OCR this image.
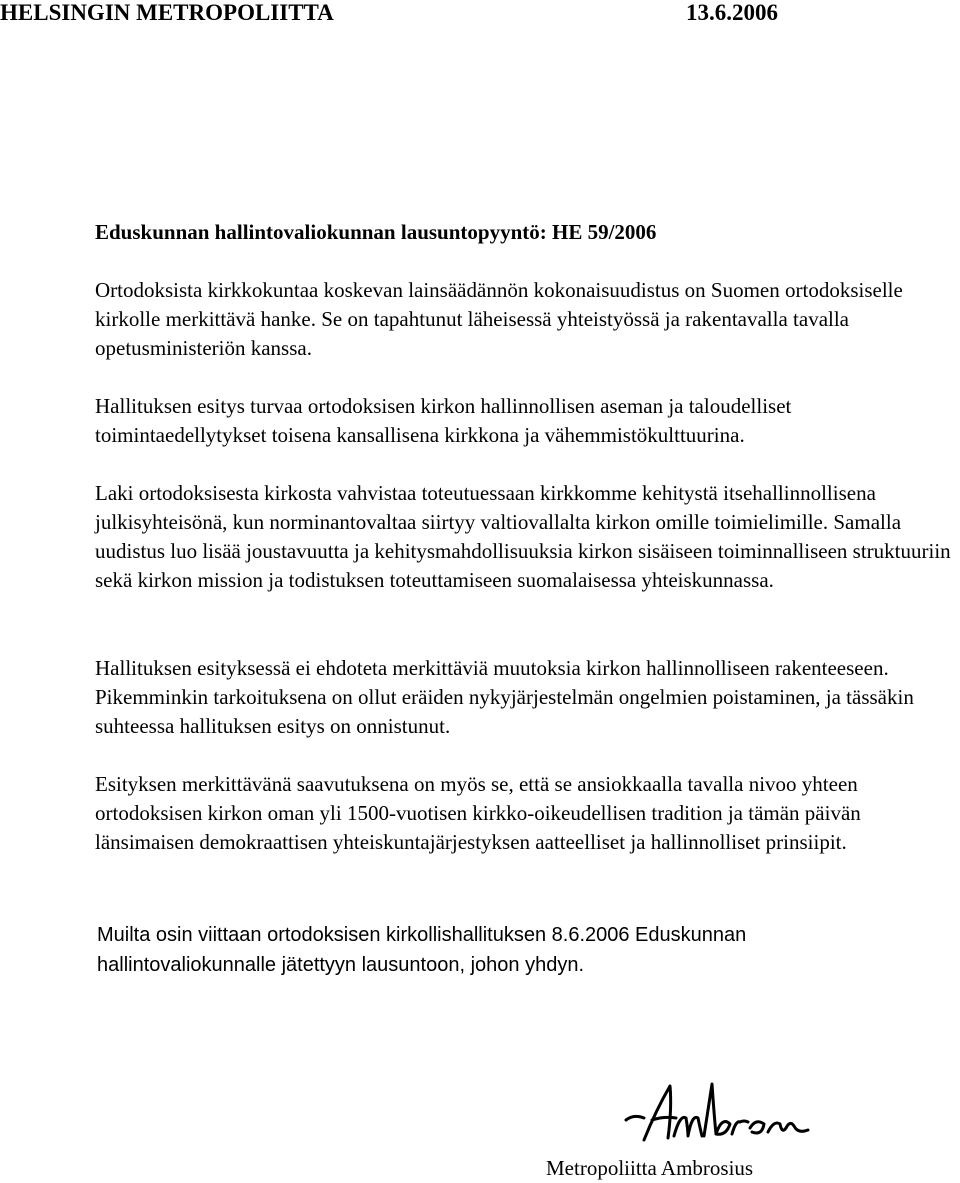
HELSINGIN METROPOLIITTA	13.6.2006
Eduskunnan hallintovaliokunnan lausuntopyyntö: HE 59/2006

Ortodoksista kirkkokuntaa koskevan lainsäädännön kokonaisuudistus on Suomen ortodoksiselle kirkolle merkittävä hanke. Se on tapahtunut läheisessä yhteistyössä ja rakentavalla tavalla opetusministeriön kanssa.

Hallituksen esitys turvaa ortodoksisen kirkon hallinnollisen aseman ja taloudelliset toimintaedellytykset toisena kansallisena kirkkona ja vähemmistökulttuurina.

Laki ortodoksisesta kirkosta vahvistaa toteutuessaan kirkkomme kehitystä itsehallinnollisena julkisyhteisönä, kun norminantovaltaa siirtyy valtiovallalta kirkon omille toimielimille. Samalla uudistus luo lisää joustavuutta ja kehitysmahdollisuuksia kirkon sisäiseen toiminnalliseen struktuuriin sekä kirkon mission ja todistuksen toteuttamiseen suomalaisessa yhteiskunnassa.

Hallituksen esityksessä ei ehdoteta merkittäviä muutoksia kirkon hallinnolliseen rakenteeseen. Pikemminkin tarkoituksena on ollut eräiden nykyjärjestelmän ongelmien poistaminen, ja tässäkin suhteessa hallituksen esitys on onnistunut.

Esityksen merkittävänä saavutuksena on myös se, että se ansiokkaalla tavalla nivoo yhteen ortodoksisen kirkon oman yli 1500-vuotisen kirkko-oikeudellisen tradition ja tämän päivän länsimaisen demokraattisen yhteiskuntajärjestyksen aatteelliset ja hallinnolliset prinsiipit.

Muilta osin viittaan ortodoksisen kirkollishallituksen 8.6.2006 Eduskunnan hallintovaliokunnalle jätettyyn lausuntoon, johon yhdyn.

Metropoliitta Ambrosius
